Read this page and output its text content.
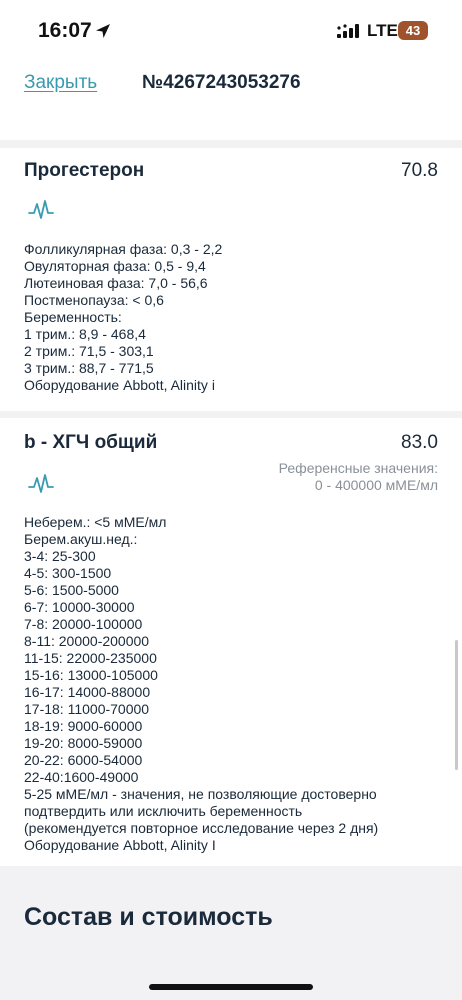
16:07	LTE 43
Закрыть №4267243053276
Прогестерон	70.8
Фолликулярная фаза: 0,3 - 2,2
Овуляторная фаза: 0,5 - 9,4
Лютеиновая фаза: 7,0 - 56,6
Постменопауза: < 0,6
Беременность:
1 трим.: 8,9 - 468,4
2 трим.: 71,5 - 303,1
3 трим.: 88,7 - 771,5
Оборудование Abbott, Alinity i
b - ХГЧ общий	83.0
Референсные значения:
0 - 400000 мМЕ/мл
Неберем.: <5 мМЕ/мл
Берем.акуш.нед.:
3-4: 25-300
4-5: 300-1500
5-6: 1500-5000
6-7: 10000-30000
7-8: 20000-100000
8-11: 20000-200000
11-15: 22000-235000
15-16: 13000-105000
16-17: 14000-88000
17-18: 11000-70000
18-19: 9000-60000
19-20: 8000-59000
20-22: 6000-54000
22-40:1600-49000
5-25 мМЕ/мл - значения, не позволяющие достоверно
подтвердить или исключить беременность
(рекомендуется повторное исследование через 2 дня)
Оборудование Abbott, Alinity I
Состав и стоимость
